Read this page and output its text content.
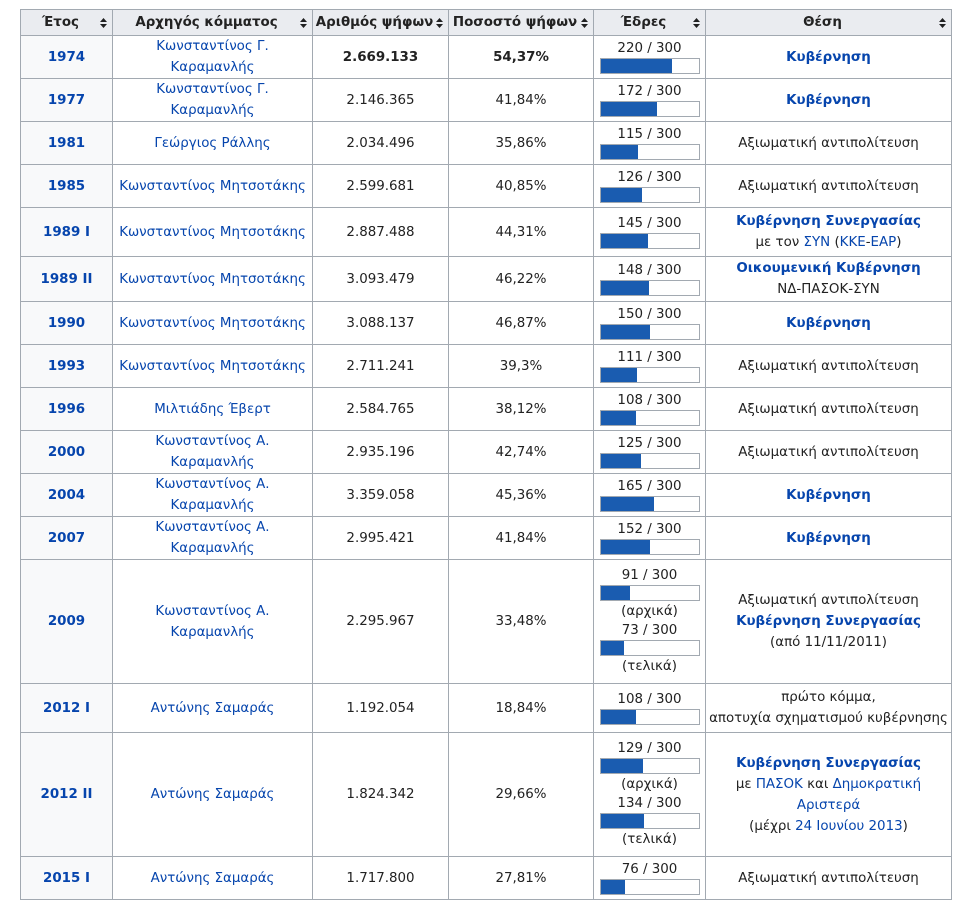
Έτος	Αρχηγός κόμματος	Αριθμός ψήφων	Ποσοστό ψήφων	Έδρες	Θέση

1974	Κωνσταντίνος Γ. Καραμανλής	2.669.133	54,37%	220 / 300	Κυβέρνηση

1977	Κωνσταντίνος Γ. Καραμανλής	2.146.365	41,84%	172 / 300	Κυβέρνηση

1981	Γεώργιος Ράλλης	2.034.496	35,86%	115 / 300	Αξιωματική αντιπολίτευση

1985	Κωνσταντίνος Μητσοτάκης	2.599.681	40,85%	126 / 300	Αξιωματική αντιπολίτευση

1989 I	Κωνσταντίνος Μητσοτάκης	2.887.488	44,31%	145 / 300	Κυβέρνηση Συνεργασίας
με τον ΣΥΝ (ΚΚΕ-ΕΑΡ)

1989 II	Κωνσταντίνος Μητσοτάκης	3.093.479	46,22%	148 / 300	Οικουμενική Κυβέρνηση
ΝΔ-ΠΑΣΟΚ-ΣΥΝ

1990	Κωνσταντίνος Μητσοτάκης	3.088.137	46,87%	150 / 300	Κυβέρνηση

1993	Κωνσταντίνος Μητσοτάκης	2.711.241	39,3%	111 / 300	Αξιωματική αντιπολίτευση

1996	Μιλτιάδης Έβερτ	2.584.765	38,12%	108 / 300	Αξιωματική αντιπολίτευση

2000	Κωνσταντίνος Α. Καραμανλής	2.935.196	42,74%	125 / 300	Αξιωματική αντιπολίτευση

2004	Κωνσταντίνος Α. Καραμανλής	3.359.058	45,36%	165 / 300	Κυβέρνηση

2007	Κωνσταντίνος Α. Καραμανλής	2.995.421	41,84%	152 / 300	Κυβέρνηση

2009	Κωνσταντίνος Α. Καραμανλής	2.295.967	33,48%	91 / 300
(αρχικά)
73 / 300
(τελικά)	Αξιωματική αντιπολίτευση
Κυβέρνηση Συνεργασίας
(από 11/11/2011)

2012 I	Αντώνης Σαμαράς	1.192.054	18,84%	108 / 300	πρώτο κόμμα,
αποτυχία σχηματισμού κυβέρνησης

2012 II	Αντώνης Σαμαράς	1.824.342	29,66%	129 / 300
(αρχικά)
134 / 300
(τελικά)	Κυβέρνηση Συνεργασίας
με ΠΑΣΟΚ και Δημοκρατική Αριστερά
(μέχρι 24 Ιουνίου 2013)

2015 I	Αντώνης Σαμαράς	1.717.800	27,81%	76 / 300	Αξιωματική αντιπολίτευση
